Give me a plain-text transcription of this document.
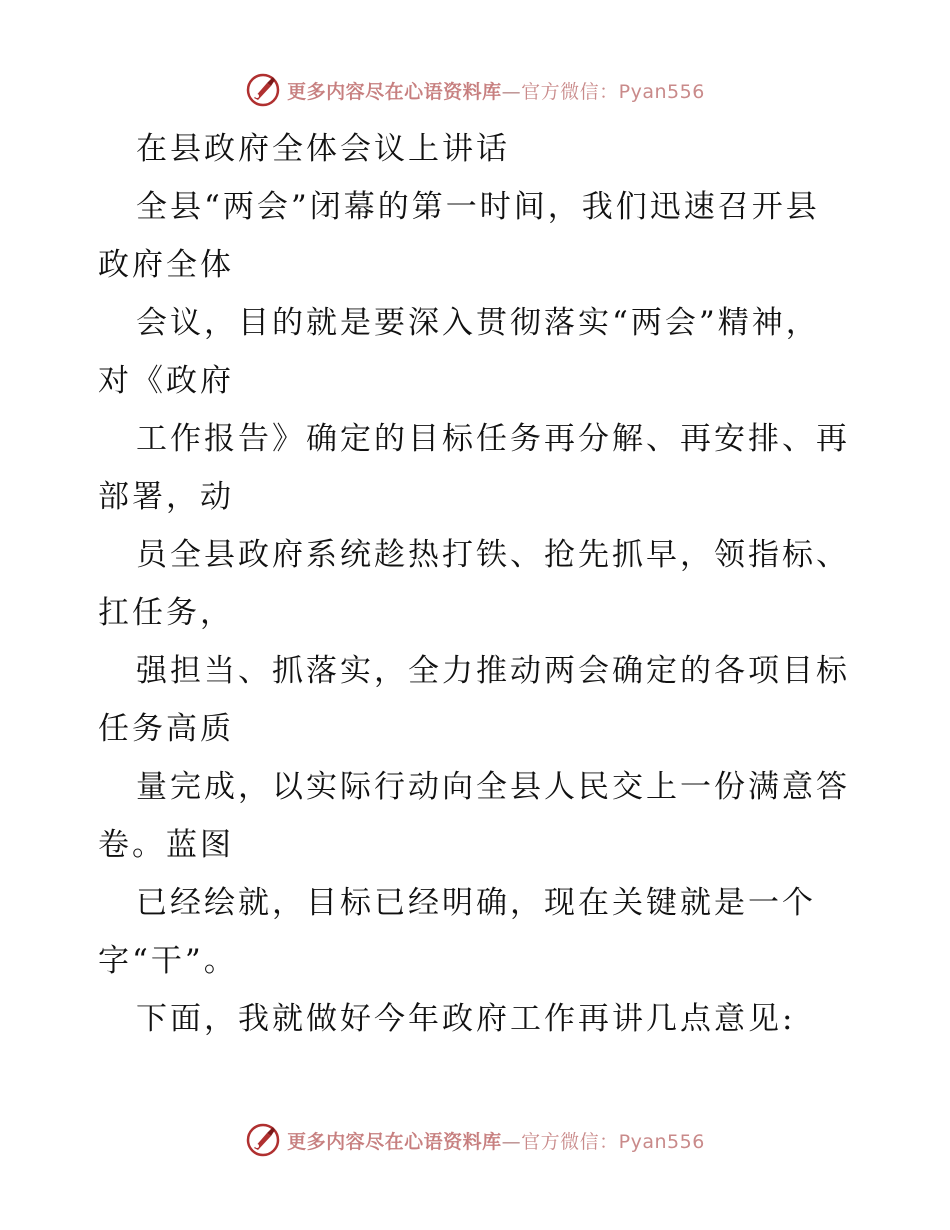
更多内容尽在心语资料库—官方微信：Pyan556
在县政府全体会议上讲话
全县“两会”闭幕的第一时间，我们迅速召开县
政府全体
会议，目的就是要深入贯彻落实“两会”精神，
对《政府
工作报告》确定的目标任务再分解、再安排、再
部署，动
员全县政府系统趁热打铁、抢先抓早，领指标、
扛任务，
强担当、抓落实，全力推动两会确定的各项目标
任务高质
量完成，以实际行动向全县人民交上一份满意答
卷。蓝图
已经绘就，目标已经明确，现在关键就是一个
字“干”。
下面，我就做好今年政府工作再讲几点意见:
更多内容尽在心语资料库—官方微信：Pyan556
